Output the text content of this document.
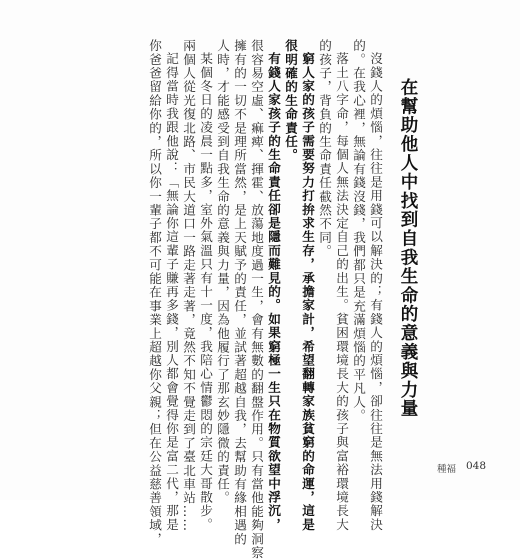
在幫助他人中找到自我生命的意義與力量
沒錢人的煩惱，往往是用錢可以解決的；有錢人的煩惱，卻往往是無法用錢解決
的。在我心裡，無論有錢沒錢，我們都只是充滿煩惱的平凡人。
落土八字命，每個人無法決定自己的出生。貧困環境長大的孩子與富裕環境長大
的孩子，背負的生命責任截然不同。
窮人家的孩子需要努力打拚求生存，承擔家計，希望翻轉家族貧窮的命運，這是
很明確的生命責任。
有錢人家孩子的生命責任卻是隱而難見的。如果窮極一生只在物質欲望中浮沉，
很容易空虛、痲痺、揮霍、放蕩地度過一生，會有無數的翻盤作用。只有當他能夠洞察
擁有的一切不是理所當然，是上天賦予的責任，並試著超越自我，去幫助有緣相遇的
人時，才能感受到自我生命的意義與力量，因為他履行了那玄妙隱微的責任。
某個冬日的凌晨一點多，室外氣溫只有十一度，我陪心情鬱悶的宗廷大哥散步。
兩個人從光復北路、市民大道口一路走著走著，竟然不知不覺走到了臺北車站……
記得當時我跟他說：「無論你這輩子賺再多錢，別人都會覺得你是富二代，那是
你爸爸留給你的，所以你一輩子都不可能在事業上超越你父親；但在公益慈善領域，	種福 048
